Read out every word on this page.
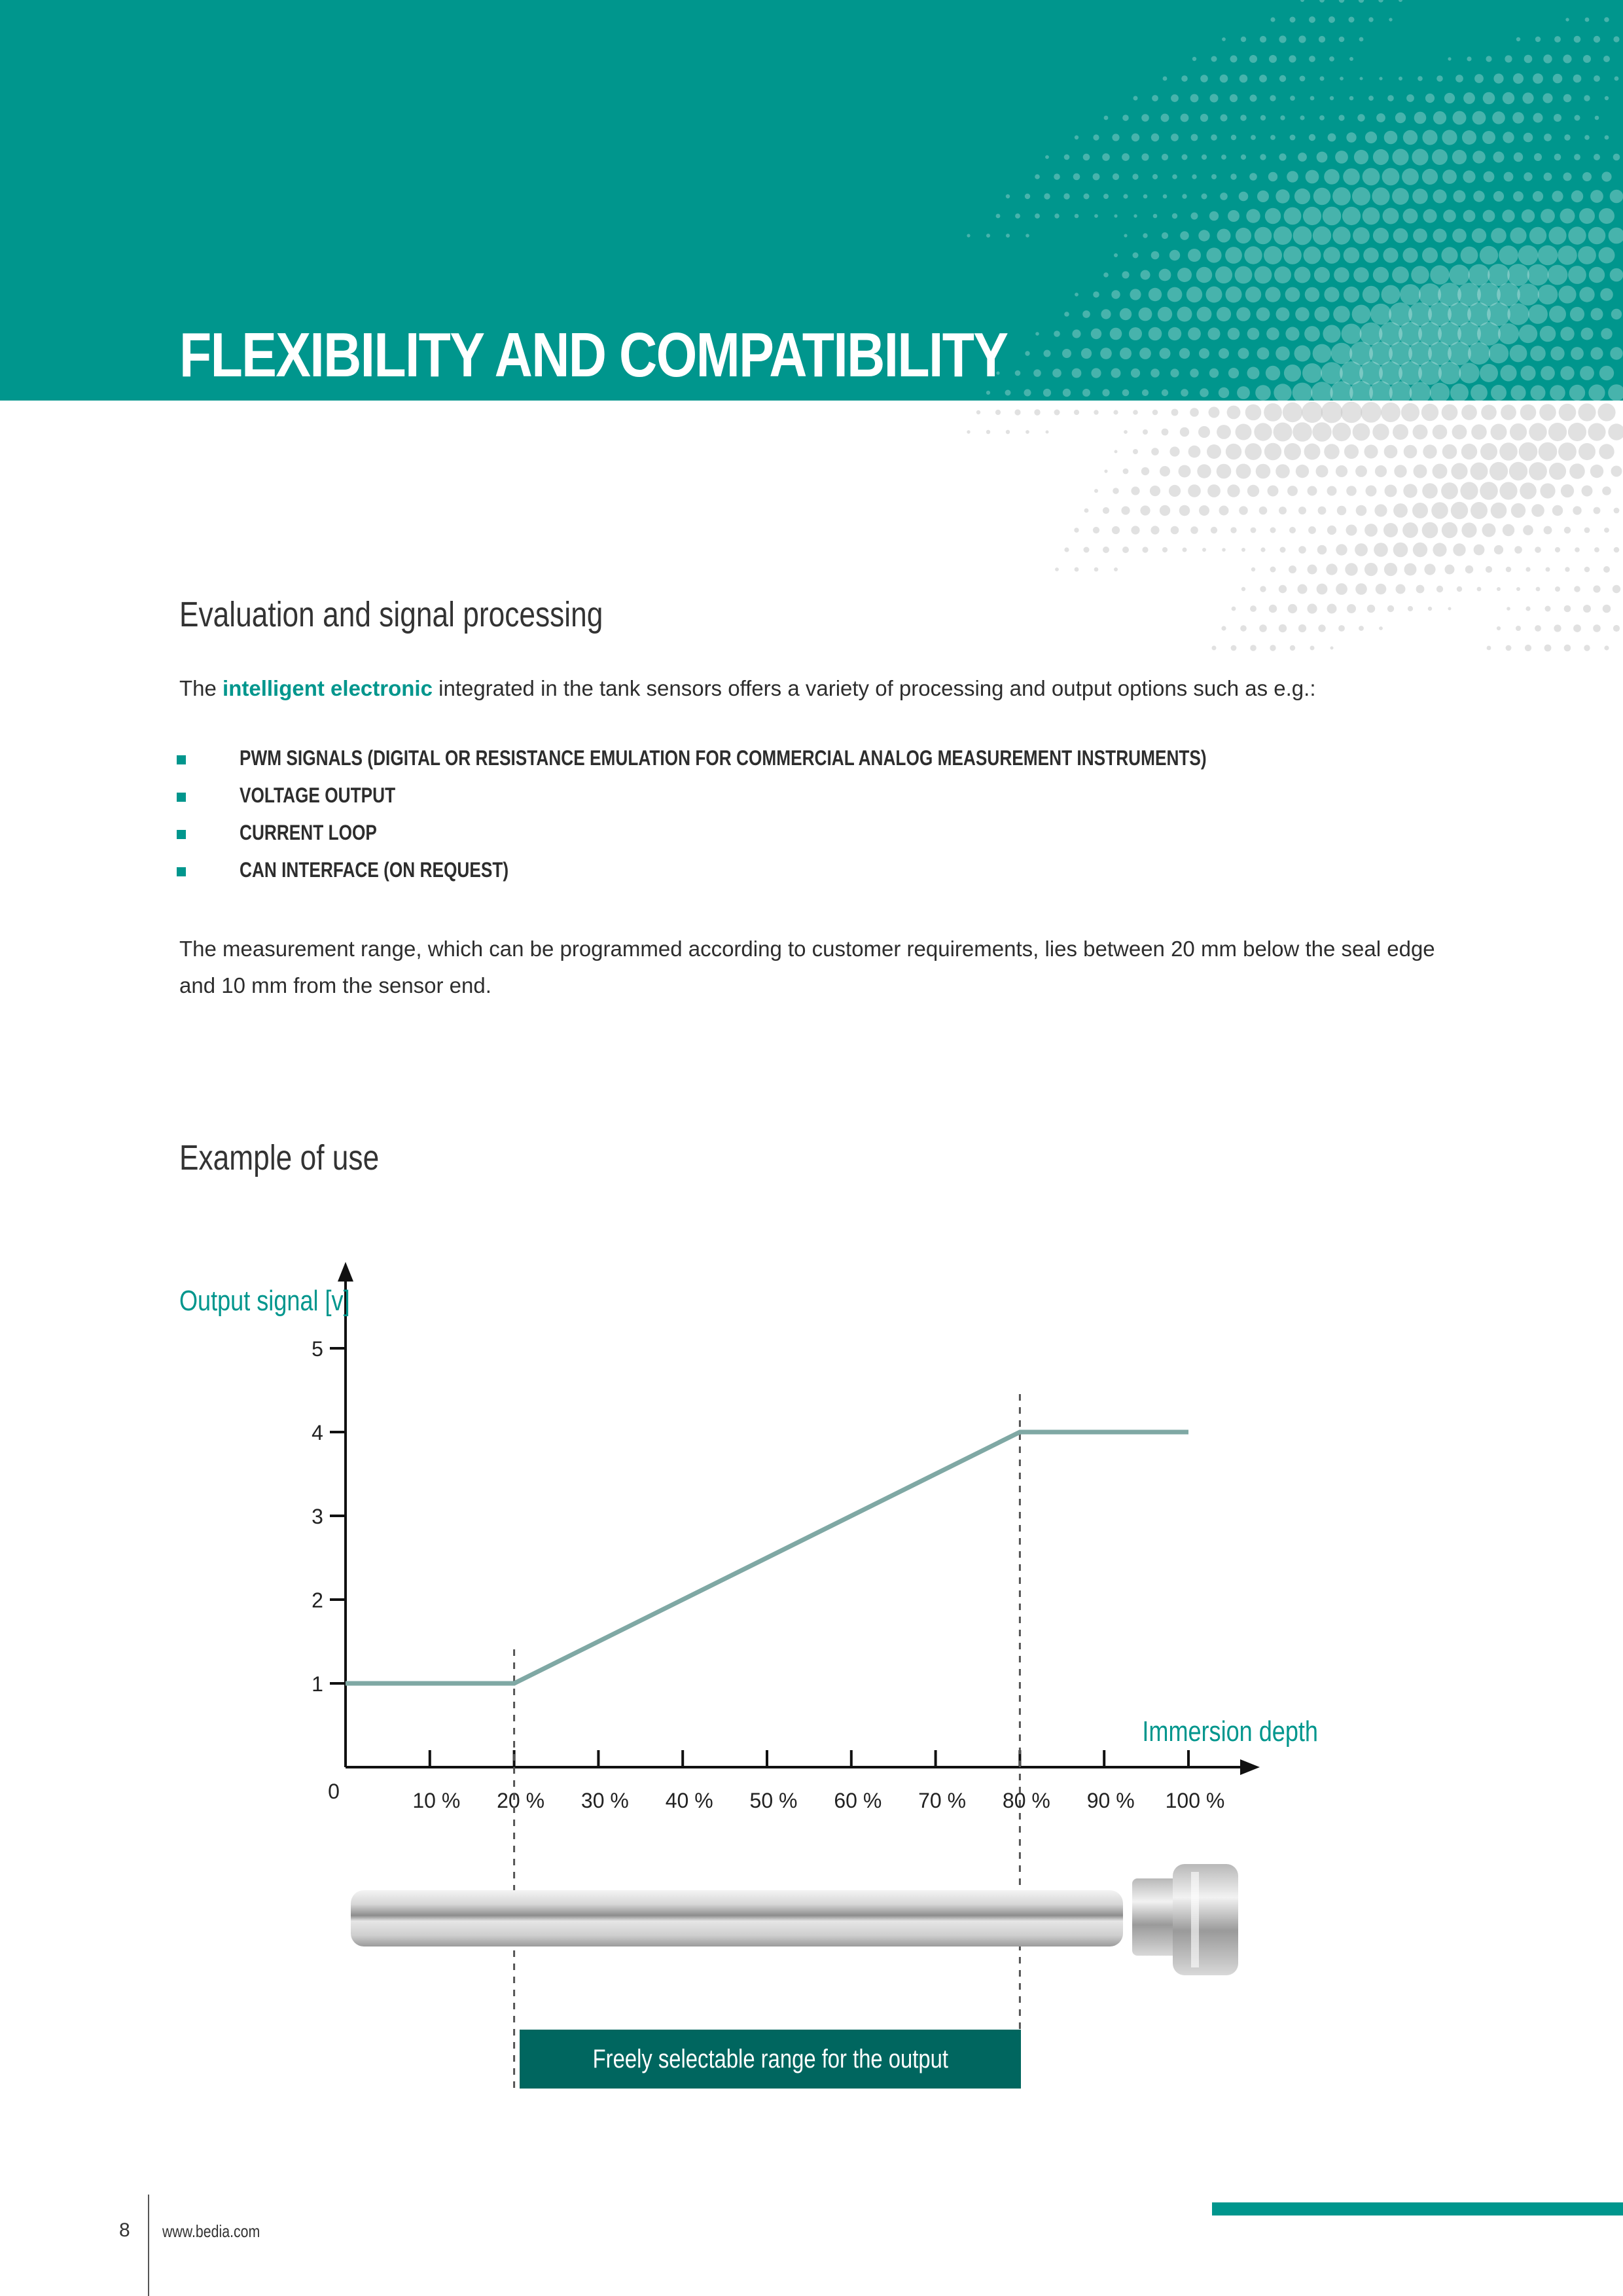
FLEXIBILITY AND COMPATIBILITY
Evaluation and signal processing
The intelligent electronic integrated in the tank sensors offers a variety of processing and output options such as e.g.:
PWM SIGNALS (DIGITAL OR RESISTANCE EMULATION FOR COMMERCIAL ANALOG MEASUREMENT INSTRUMENTS)
VOLTAGE OUTPUT
CURRENT LOOP
CAN INTERFACE (ON REQUEST)
The measurement range, which can be programmed according to customer requirements, lies between 20 mm below the seal edge and 10 mm from the sensor end.
Example of use
1
2
3
4
5
0	10 % 20 % 30 % 40 % 50 % 60 % 70 % 80 % 90 % 100 %
Output signal [v]
Immersion depth
Freely selectable range for the output
8 www.bedia.com
